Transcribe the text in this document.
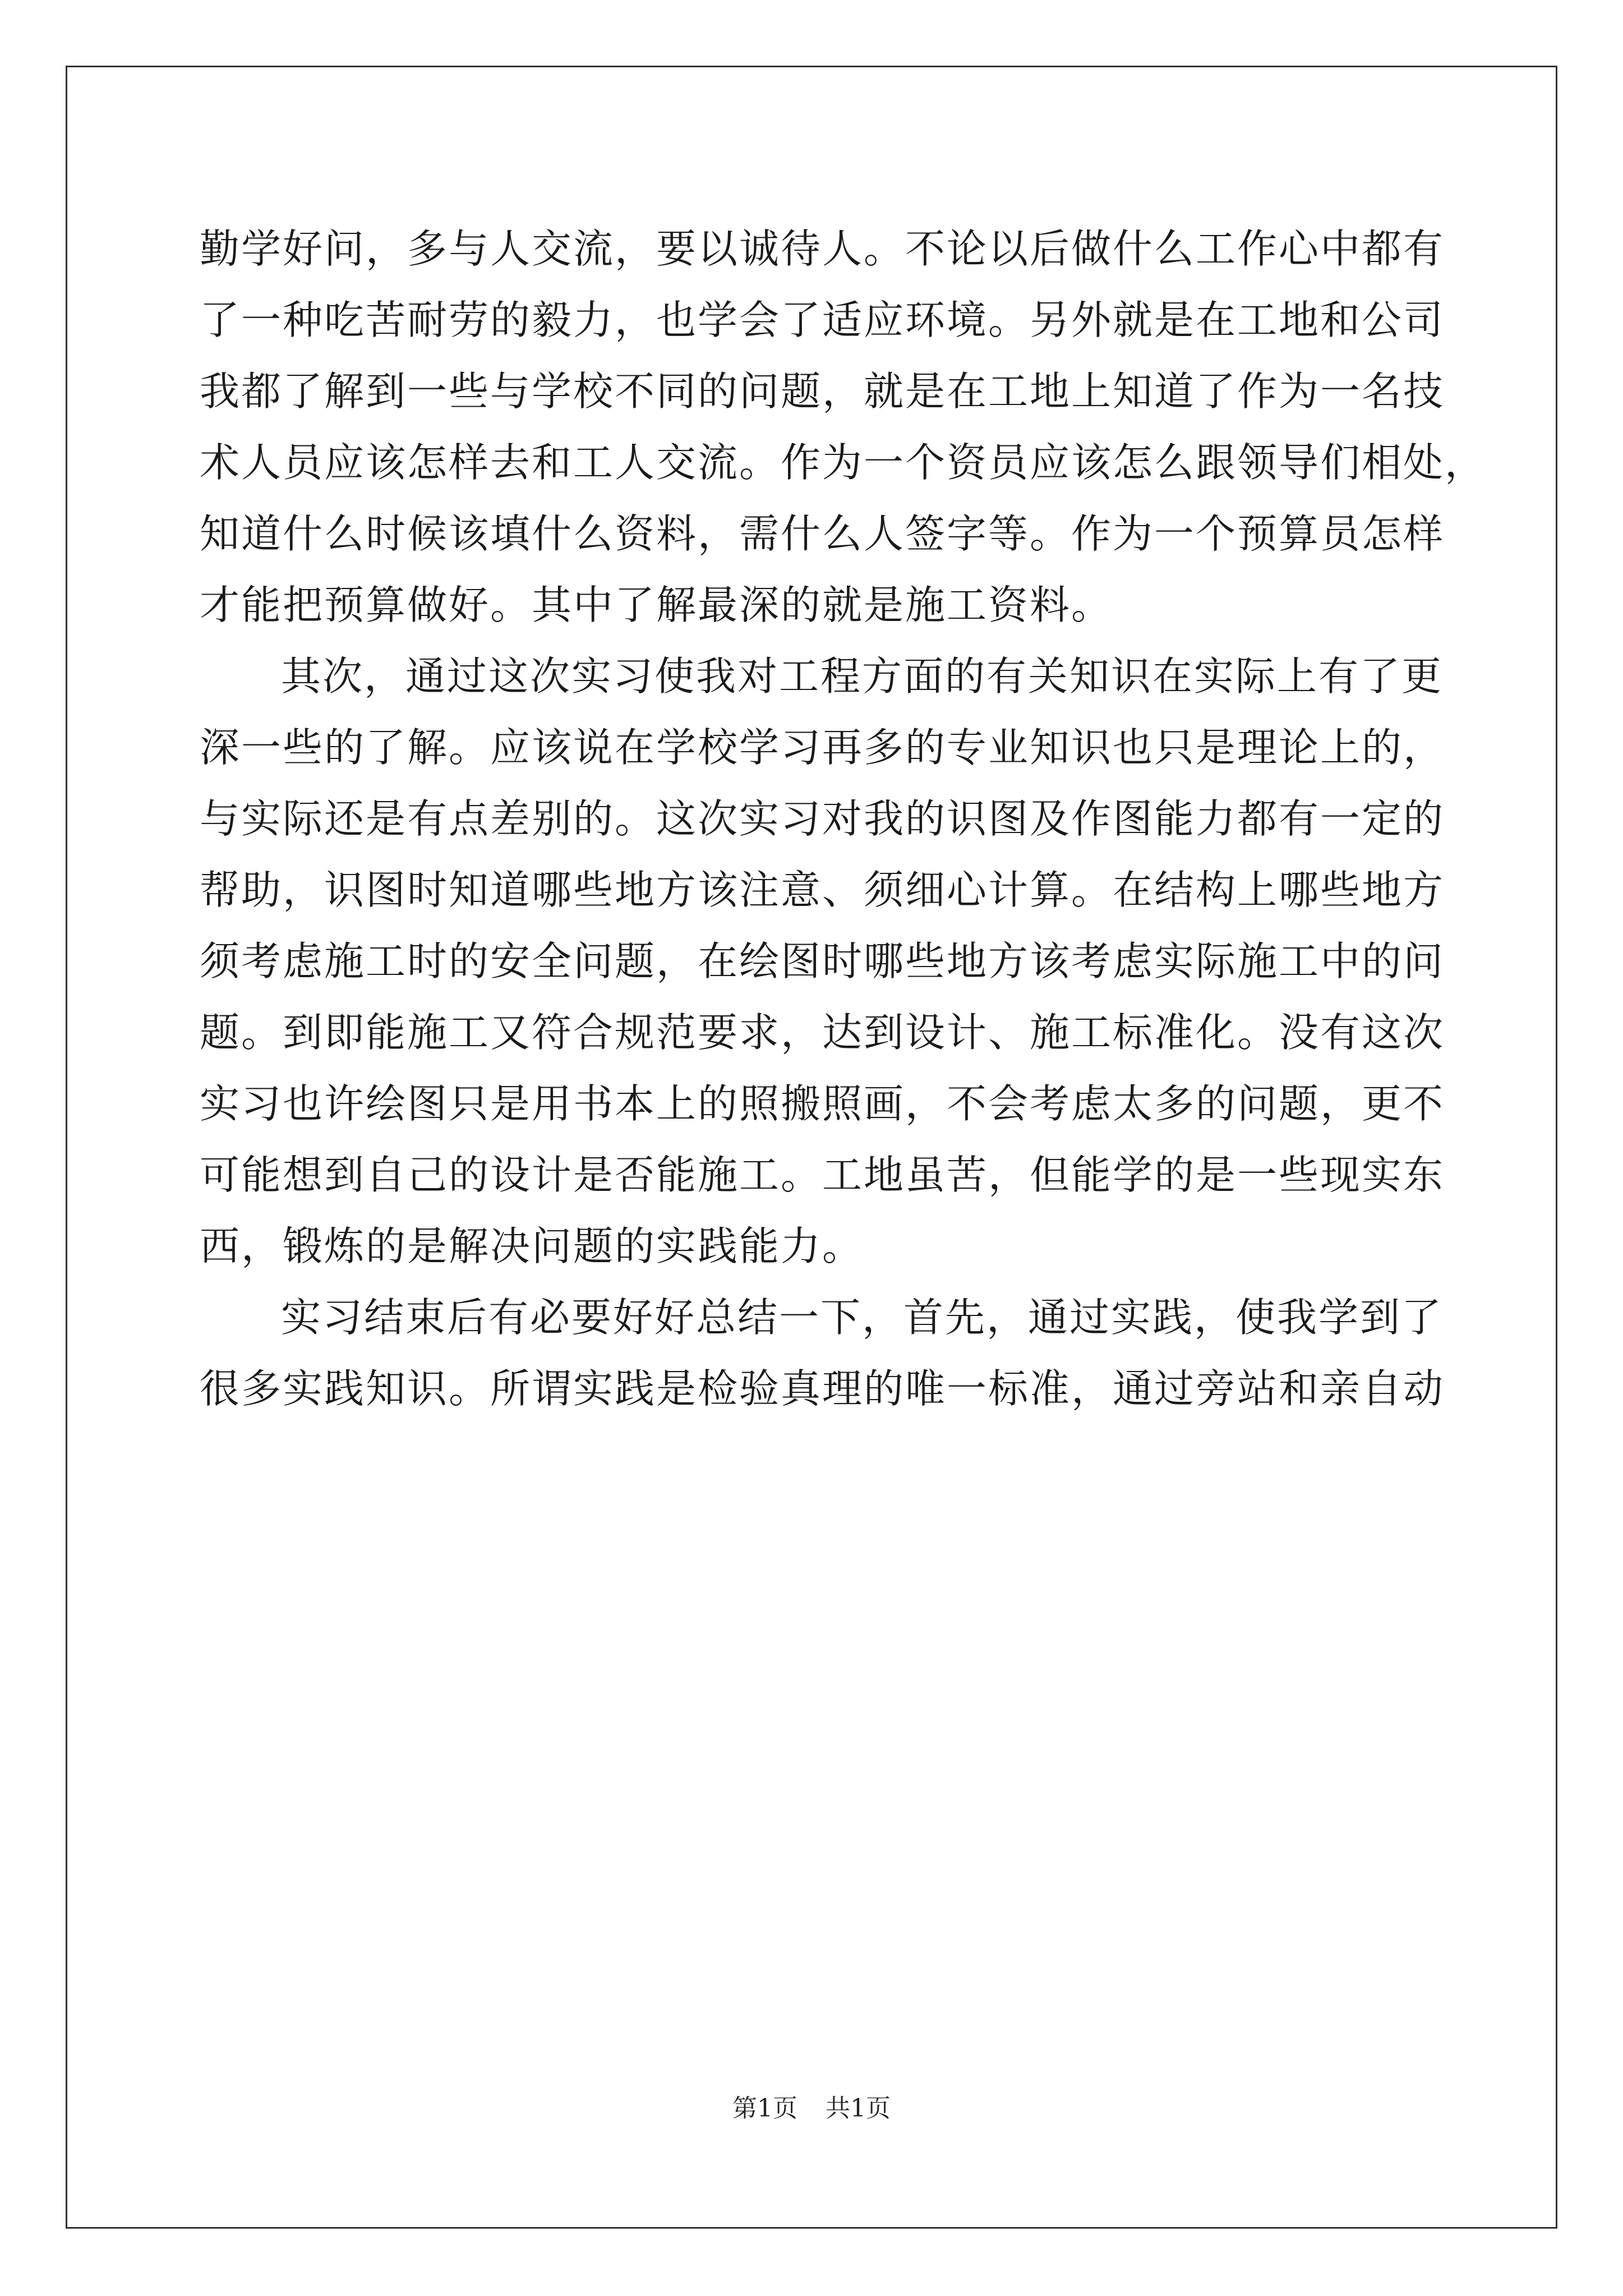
勤学好问，多与人交流，要以诚待人。不论以后做什么工作心中都有
了一种吃苦耐劳的毅力，也学会了适应环境。另外就是在工地和公司
我都了解到一些与学校不同的问题，就是在工地上知道了作为一名技
术人员应该怎样去和工人交流。作为一个资员应该怎么跟领导们相处，
知道什么时候该填什么资料，需什么人签字等。作为一个预算员怎样
才能把预算做好。其中了解最深的就是施工资料。
其次，通过这次实习使我对工程方面的有关知识在实际上有了更
深一些的了解。应该说在学校学习再多的专业知识也只是理论上的，
与实际还是有点差别的。这次实习对我的识图及作图能力都有一定的
帮助，识图时知道哪些地方该注意、须细心计算。在结构上哪些地方
须考虑施工时的安全问题，在绘图时哪些地方该考虑实际施工中的问
题。到即能施工又符合规范要求，达到设计、施工标准化。没有这次
实习也许绘图只是用书本上的照搬照画，不会考虑太多的问题，更不
可能想到自己的设计是否能施工。工地虽苦，但能学的是一些现实东
西，锻炼的是解决问题的实践能力。
实习结束后有必要好好总结一下，首先，通过实践，使我学到了
很多实践知识。所谓实践是检验真理的唯一标准，通过旁站和亲自动
第1页 共1页
